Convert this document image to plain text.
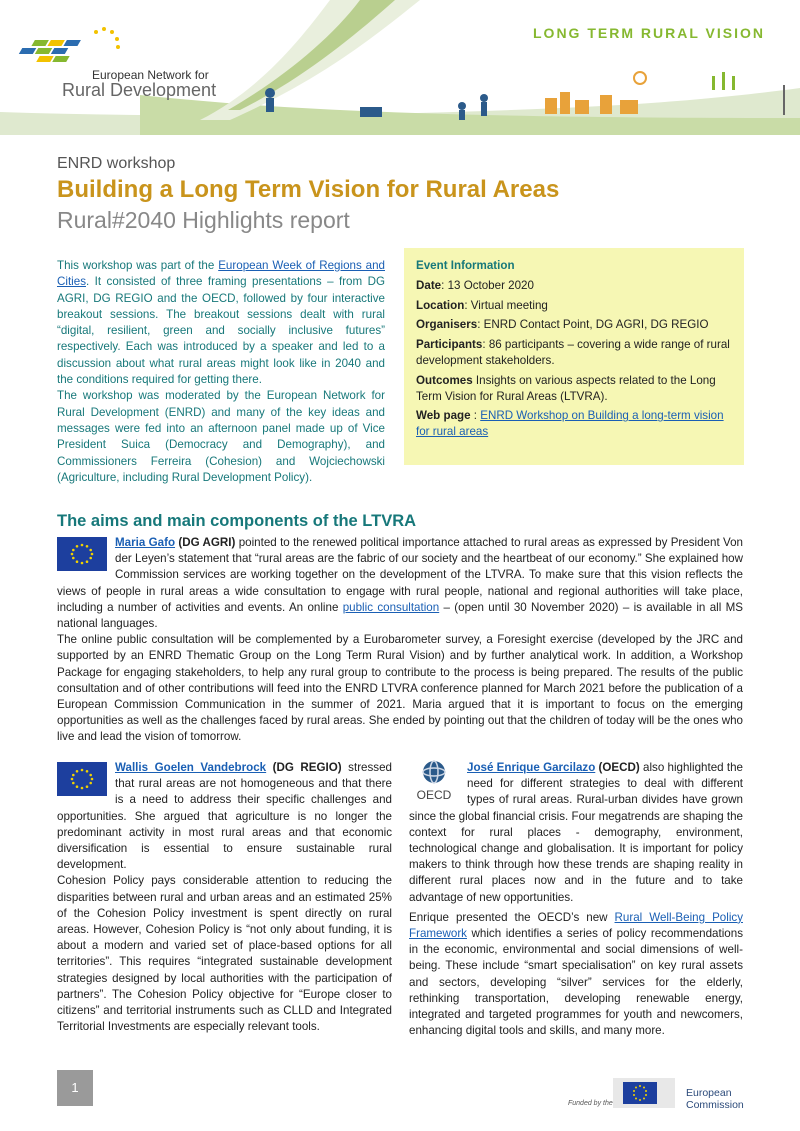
European Network for
Rural Development
LONG TERM RURAL VISION
ENRD workshop
Building a Long Term Vision for Rural Areas
Rural#2040 Highlights report

This workshop was part of the European Week of Regions and Cities. It consisted of three framing presentations – from DG AGRI, DG REGIO and the OECD, followed by four interactive breakout sessions. The breakout sessions dealt with rural “digital, resilient, green and socially inclusive futures” respectively. Each was introduced by a speaker and led to a discussion about what rural areas might look like in 2040 and the conditions required for getting there.

The workshop was moderated by the European Network for Rural Development (ENRD) and many of the key ideas and messages were fed into an afternoon panel made up of Vice President Suica (Democracy and Demography), and Commissioners Ferreira (Cohesion) and Wojciechowski (Agriculture, including Rural Development Policy).

Event Information
Date: 13 October 2020
Location: Virtual meeting
Organisers: ENRD Contact Point, DG AGRI, DG REGIO
Participants: 86 participants – covering a wide range of rural development stakeholders.
Outcomes Insights on various aspects related to the Long Term Vision for Rural Areas (LTVRA).
Web page : ENRD Workshop on Building a long-term vision for rural areas
The aims and main components of the LTVRA

Maria Gafo (DG AGRI) pointed to the renewed political importance attached to rural areas as expressed by President Von der Leyen’s statement that “rural areas are the fabric of our society and the heartbeat of our economy.” She explained how Commission services are working together on the development of the LTVRA. To make sure that this vision reflects the views of people in rural areas a wide consultation to engage with rural people, national and regional authorities will take place, including a number of activities and events. An online public consultation – (open until 30 November 2020) – is available in all MS national languages.

The online public consultation will be complemented by a Eurobarometer survey, a Foresight exercise (developed by the JRC and supported by an ENRD Thematic Group on the Long Term Rural Vision) and by further analytical work. In addition, a Workshop Package for engaging stakeholders, to help any rural group to contribute to the process is being prepared. The results of the public consultation and of other contributions will feed into the ENRD LTVRA conference planned for March 2021 before the publication of a European Commission Communication in the summer of 2021. Maria argued that it is important to focus on the emerging opportunities as well as the challenges faced by rural areas. She ended by pointing out that the children of today will be the ones who live and lead the vision of tomorrow.

Wallis Goelen Vandebrock (DG REGIO) stressed that rural areas are not homogeneous and that there is a need to address their specific challenges and opportunities. She argued that agriculture is no longer the predominant activity in most rural areas and that economic diversification is essential to ensure sustainable rural development.

Cohesion Policy pays considerable attention to reducing the disparities between rural and urban areas and an estimated 25% of the Cohesion Policy investment is spent directly on rural areas. However, Cohesion Policy is “not only about funding, it is about a modern and varied set of place-based options for all territories”. This requires “integrated sustainable development strategies designed by local authorities with the participation of partners”. The Cohesion Policy objective for “Europe closer to citizens” and territorial instruments such as CLLD and Integrated Territorial Investments are especially relevant tools.

OECD
José Enrique Garcilazo (OECD) also highlighted the need for different strategies to deal with different types of rural areas. Rural-urban divides have grown since the global financial crisis. Four megatrends are shaping the context for rural places - demography, environment, technological change and globalisation. It is important for policy makers to think through how these trends are shaping reality in different rural places now and in the future and to take advantage of new opportunities.

Enrique presented the OECD’s new Rural Well-Being Policy Framework which identifies a series of policy recommendations in the economic, environmental and social dimensions of well-being. These include “smart specialisation” on key rural assets and sectors, developing “silver” services for the elderly, rethinking transportation, developing renewable energy, integrated and targeted programmes for youth and newcomers, enhancing digital tools and skills, and many more.

1
Funded by the
European
Commission
